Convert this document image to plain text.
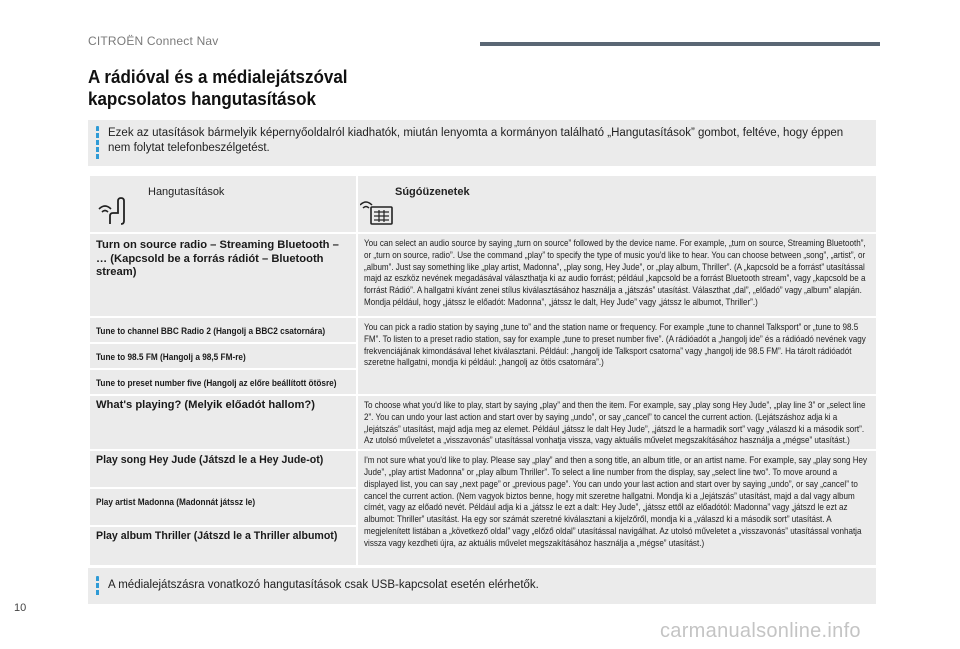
CITROËN Connect Nav
A rádióval és a médialejátszóval
kapcsolatos hangutasítások
Ezek az utasítások bármelyik képernyőoldalról kiadhatók, miután lenyomta a kormányon található „Hangutasítások” gombot, feltéve, hogy éppen nem folytat telefonbeszélgetést.
Hangutasítások	Súgóüzenetek

Turn on source radio – Streaming Bluetooth – … (Kapcsold be a forrás rádiót – Bluetooth stream)	You can select an audio source by saying „turn on source” followed by the device name. For example, „turn on source, Streaming Bluetooth”, or „turn on source, radio”. Use the command „play” to specify the type of music you'd like to hear. You can choose between „song”, „artist”, or „album”. Just say something like „play artist, Madonna”, „play song, Hey Jude”, or „play album, Thriller”. (A „kapcsold be a forrást” utasítással majd az eszköz nevének megadásával választhatja ki az audio forrást; például „kapcsold be a forrást Bluetooth stream”, vagy „kapcsold be a forrást Rádió”. A hallgatni kívánt zenei stílus kiválasztásához használja a „játszás” utasítást. Választhat „dal”, „előadó” vagy „album” alapján. Mondja például, hogy „játssz le előadót: Madonna”, „játssz le dalt, Hey Jude” vagy „játssz le albumot, Thriller”.)

Tune to channel BBC Radio 2 (Hangolj a BBC2 csatornára)	You can pick a radio station by saying „tune to” and the station name or frequency. For example „tune to channel Talksport” or „tune to 98.5 FM”. To listen to a preset radio station, say for example „tune to preset number five”. (A rádióadót a „hangolj ide” és a rádióadó nevének vagy frekvenciájának kimondásával lehet kiválasztani. Például: „hangolj ide Talksport csatorna” vagy „hangolj ide 98.5 FM”. Ha tárolt rádióadót szeretne hallgatni, mondja ki például: „hangolj az ötös csatornára”.)

Tune to 98.5 FM (Hangolj a 98,5 FM-re)	
Tune to preset number five (Hangolj az előre beállított ötösre)	

What's playing? (Melyik előadót hallom?)	To choose what you'd like to play, start by saying „play” and then the item. For example, say „play song Hey Jude”, „play line 3” or „select line 2”. You can undo your last action and start over by saying „undo”, or say „cancel” to cancel the current action. (Lejátszáshoz adja ki a „lejátszás” utasítást, majd adja meg az elemet. Például „játssz le dalt Hey Jude”, „játszd le a harmadik sort” vagy „válaszd ki a második sort”. Az utolsó műveletet a „visszavonás” utasítással vonhatja vissza, vagy aktuális művelet megszakításához használja a „mégse” utasítást.)

Play song Hey Jude (Játszd le a Hey Jude-ot)	I'm not sure what you'd like to play. Please say „play” and then a song title, an album title, or an artist name. For example, say „play song Hey Jude”, „play artist Madonna” or „play album Thriller”. To select a line number from the display, say „select line two”. To move around a displayed list, you can say „next page” or „previous page”. You can undo your last action and start over by saying „undo”, or say „cancel” to cancel the current action. (Nem vagyok biztos benne, hogy mit szeretne hallgatni. Mondja ki a „lejátszás” utasítást, majd a dal vagy album címét, vagy az előadó nevét. Például adja ki a „játssz le ezt a dalt: Hey Jude”, „játssz ettől az előadótól: Madonna” vagy „játszd le ezt az albumot: Thriller” utasítást. Ha egy sor számát szeretné kiválasztani a kijelzőről, mondja ki a „válaszd ki a második sort” utasítást. A megjelenített listában a „következő oldal” vagy „előző oldal” utasítással navigálhat. Az utolsó műveletet a „visszavonás” utasítással vonhatja vissza vagy kezdheti újra, az aktuális művelet megszakításához használja a „mégse” utasítást.)

Play artist Madonna (Madonnát játssz le)	

Play album Thriller (Játszd le a Thriller albumot)	
A médialejátszásra vonatkozó hangutasítások csak USB-kapcsolat esetén elérhetők.
10
carmanualsonline.info
